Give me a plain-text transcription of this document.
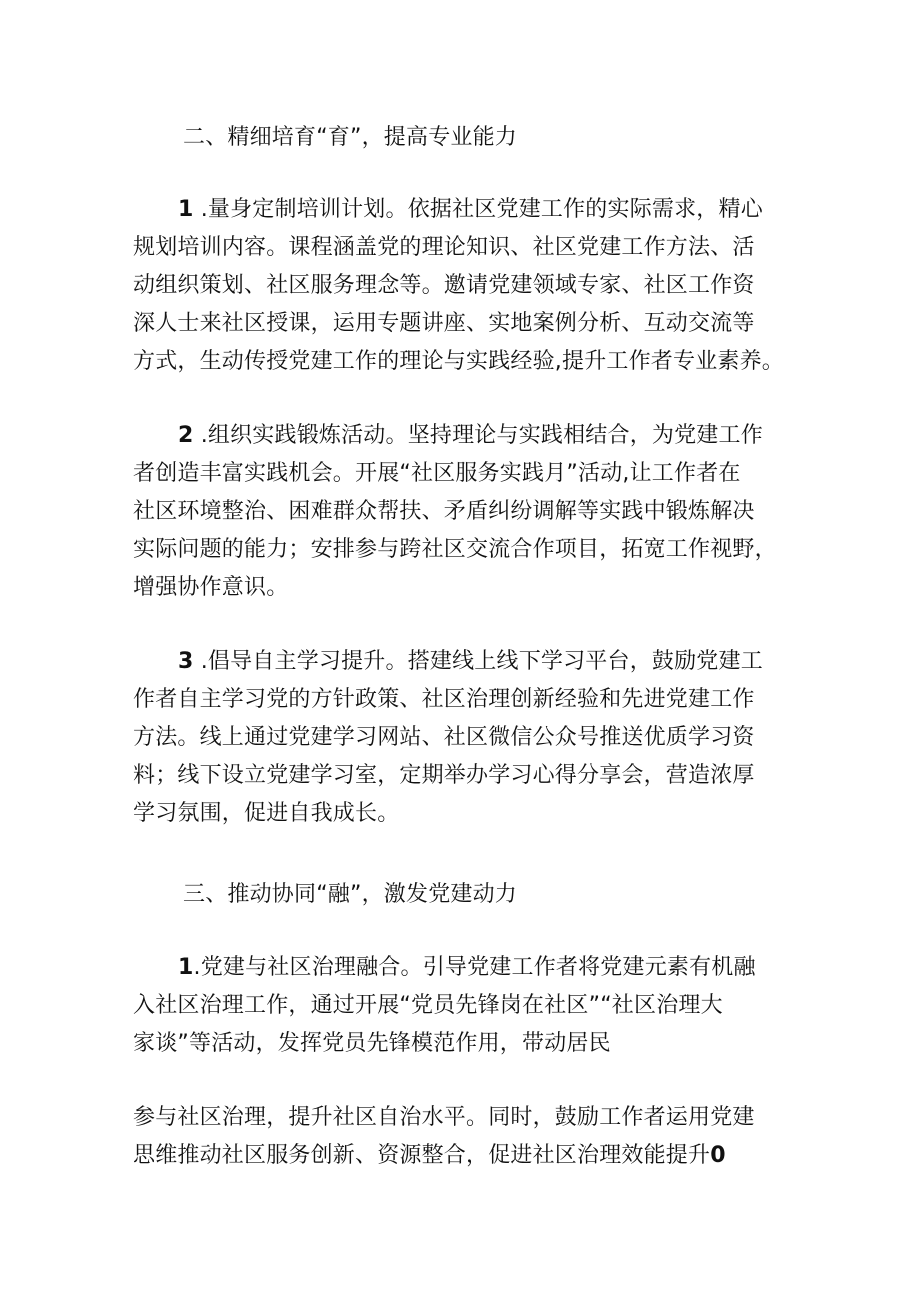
二、精细培育“育”，提高专业能力
1 .量身定制培训计划。依据社区党建工作的实际需求，精心
规划培训内容。课程涵盖党的理论知识、社区党建工作方法、活
动组织策划、社区服务理念等。邀请党建领域专家、社区工作资
深人士来社区授课，运用专题讲座、实地案例分析、互动交流等
方式，生动传授党建工作的理论与实践经验,提升工作者专业素养。
2 .组织实践锻炼活动。坚持理论与实践相结合，为党建工作
者创造丰富实践机会。开展“社区服务实践月”活动,让工作者在
社区环境整治、困难群众帮扶、矛盾纠纷调解等实践中锻炼解决
实际问题的能力；安排参与跨社区交流合作项目，拓宽工作视野，
增强协作意识。
3 .倡导自主学习提升。搭建线上线下学习平台，鼓励党建工
作者自主学习党的方针政策、社区治理创新经验和先进党建工作
方法。线上通过党建学习网站、社区微信公众号推送优质学习资
料；线下设立党建学习室，定期举办学习心得分享会，营造浓厚
学习氛围，促进自我成长。
三、推动协同“融”，激发党建动力
1.党建与社区治理融合。引导党建工作者将党建元素有机融
入社区治理工作，通过开展“党员先锋岗在社区”“社区治理大
家谈”等活动，发挥党员先锋模范作用，带动居民
参与社区治理，提升社区自治水平。同时，鼓励工作者运用党建
思维推动社区服务创新、资源整合，促进社区治理效能提升0
